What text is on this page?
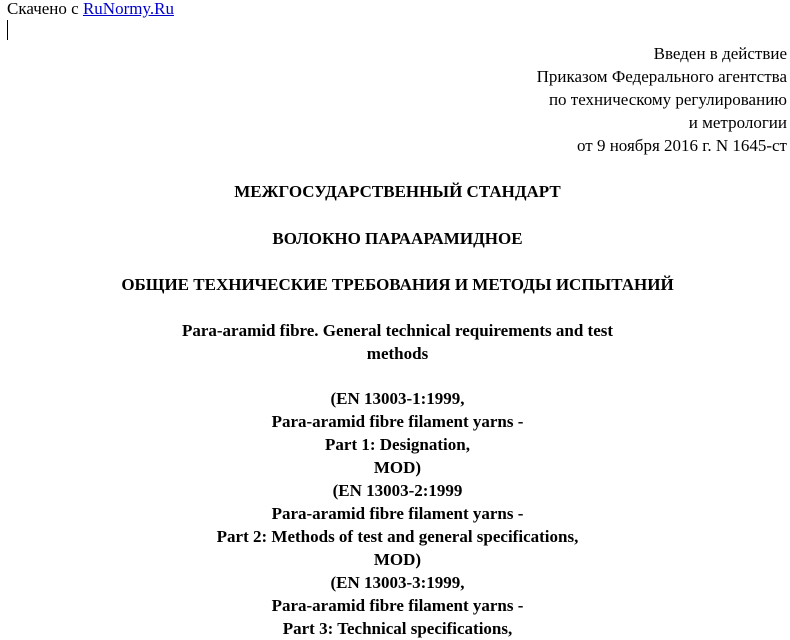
Скачено с RuNormy.Ru
Введен в действие
Приказом Федерального агентства
по техническому регулированию
и метрологии
от 9 ноября 2016 г. N 1645-ст
МЕЖГОСУДАРСТВЕННЫЙ СТАНДАРТ
ВОЛОКНО ПАРААРАМИДНОЕ
ОБЩИЕ ТЕХНИЧЕСКИЕ ТРЕБОВАНИЯ И МЕТОДЫ ИСПЫТАНИЙ
Para-aramid fibre. General technical requirements and test
methods
(EN 13003-1:1999,
Para-aramid fibre filament yarns -
Part 1: Designation,
MOD)
(EN 13003-2:1999
Para-aramid fibre filament yarns -
Part 2: Methods of test and general specifications,
MOD)
(EN 13003-3:1999,
Para-aramid fibre filament yarns -
Part 3: Technical specifications,
